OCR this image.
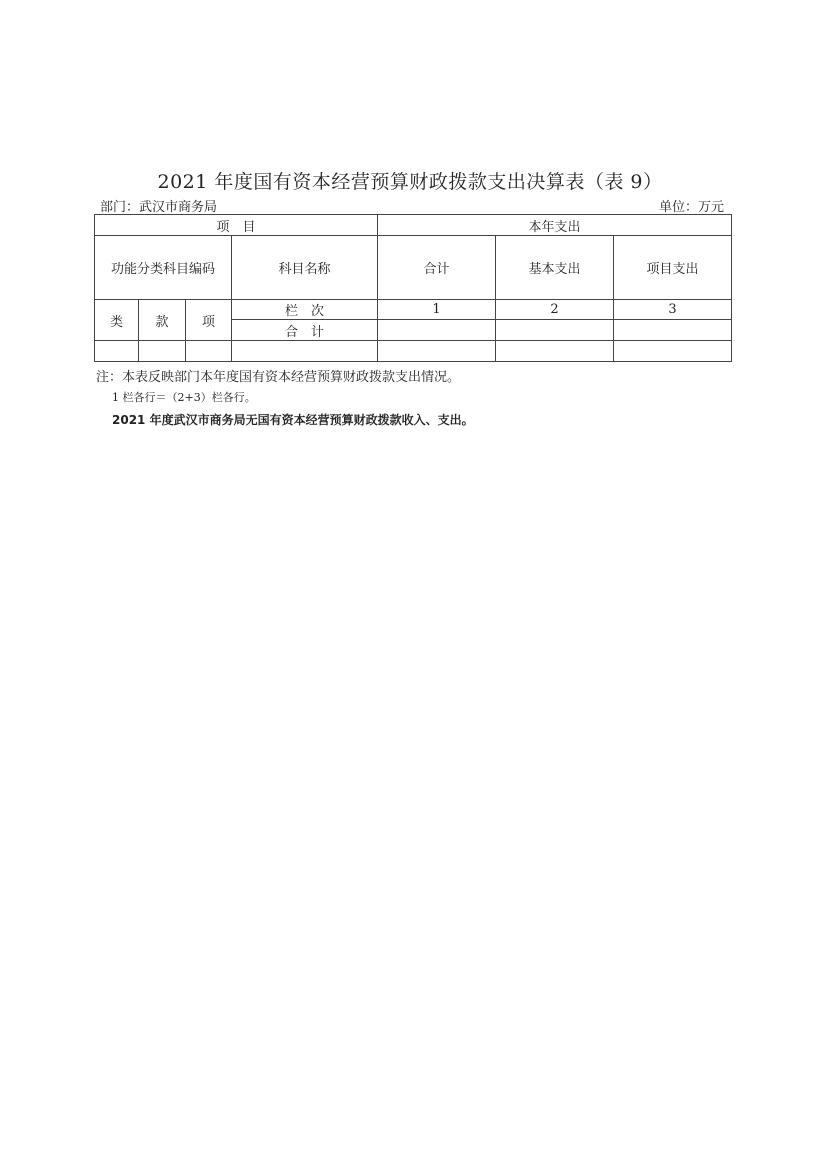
2021 年度国有资本经营预算财政拨款支出决算表（表 9）
部门：武汉市商务局	单位：万元
项　目				本年支出		
功能分类科目编码			科目名称	合计	基本支出	项目支出
类	款	项	栏　次	1	2	3
			合　计			

注：本表反映部门本年度国有资本经营预算财政拨款支出情况。
1 栏各行＝（2+3）栏各行。
2021 年度武汉市商务局无国有资本经营预算财政拨款收入、支出。
